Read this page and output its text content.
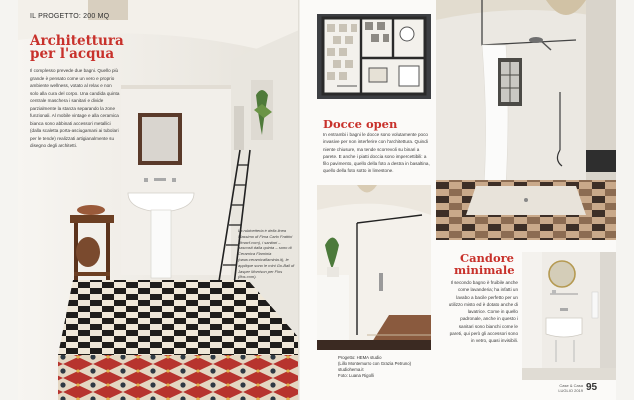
IL PROGETTO: 200 MQ
Architettura
per l'acqua
Il complesso prevede due bagni. Quello più grande è pensato come un vero e proprio ambiente wellness, votato al relax e non solo alla cura del corpo. Una candida quinta centrale maschera i sanitari e divide parzialmente la stanza separando la zone funzionali. Al mobile vintage e alla ceramica bianca sono abbinati accessori metallici (dalla scaletta porta-asciugamani ai tubolari per le tende) realizzati artigianalmente su disegno degli architetti.
La rubinetteria è della linea Massimo di Fima Carlo Frattini (fimacf.com), i sanitari – nascosti dalla quinta – sono di Ceramica Flaminia (www.ceramicaflaminia.it), le applique sono le mini Go-Ball di Jasper Morrison per Flos (flos.com).
Docce open
In entrambi i bagni le docce sono volutamente poco invasive per non interferire con l'architettura. Quindi niente chiusure, ma tende scorrevoli su binari a parete. E anche i piatti doccia sono impercettibili: a filo pavimento, quello della foto a destra in basaltina, quello della foto sotto in limestone.
Progetto: HEMA studio
(Lillo Montemurro con Grazia Petruno)
studiohema.it
Foto: Luana Rigolli
Candore
minimale
Il secondo bagno è fruibile anche come lavanderia; ha infatti un lavabo a bacile perfetto per un utilizzo misto ed è dotato anche di lavatrice. Come in quello padronale, anche in questo i sanitari sono bianchi come le pareti, qui però gli accessori sono in vetro, quasi invisibili.
Case & Casa
LUGLIO 2019 95
